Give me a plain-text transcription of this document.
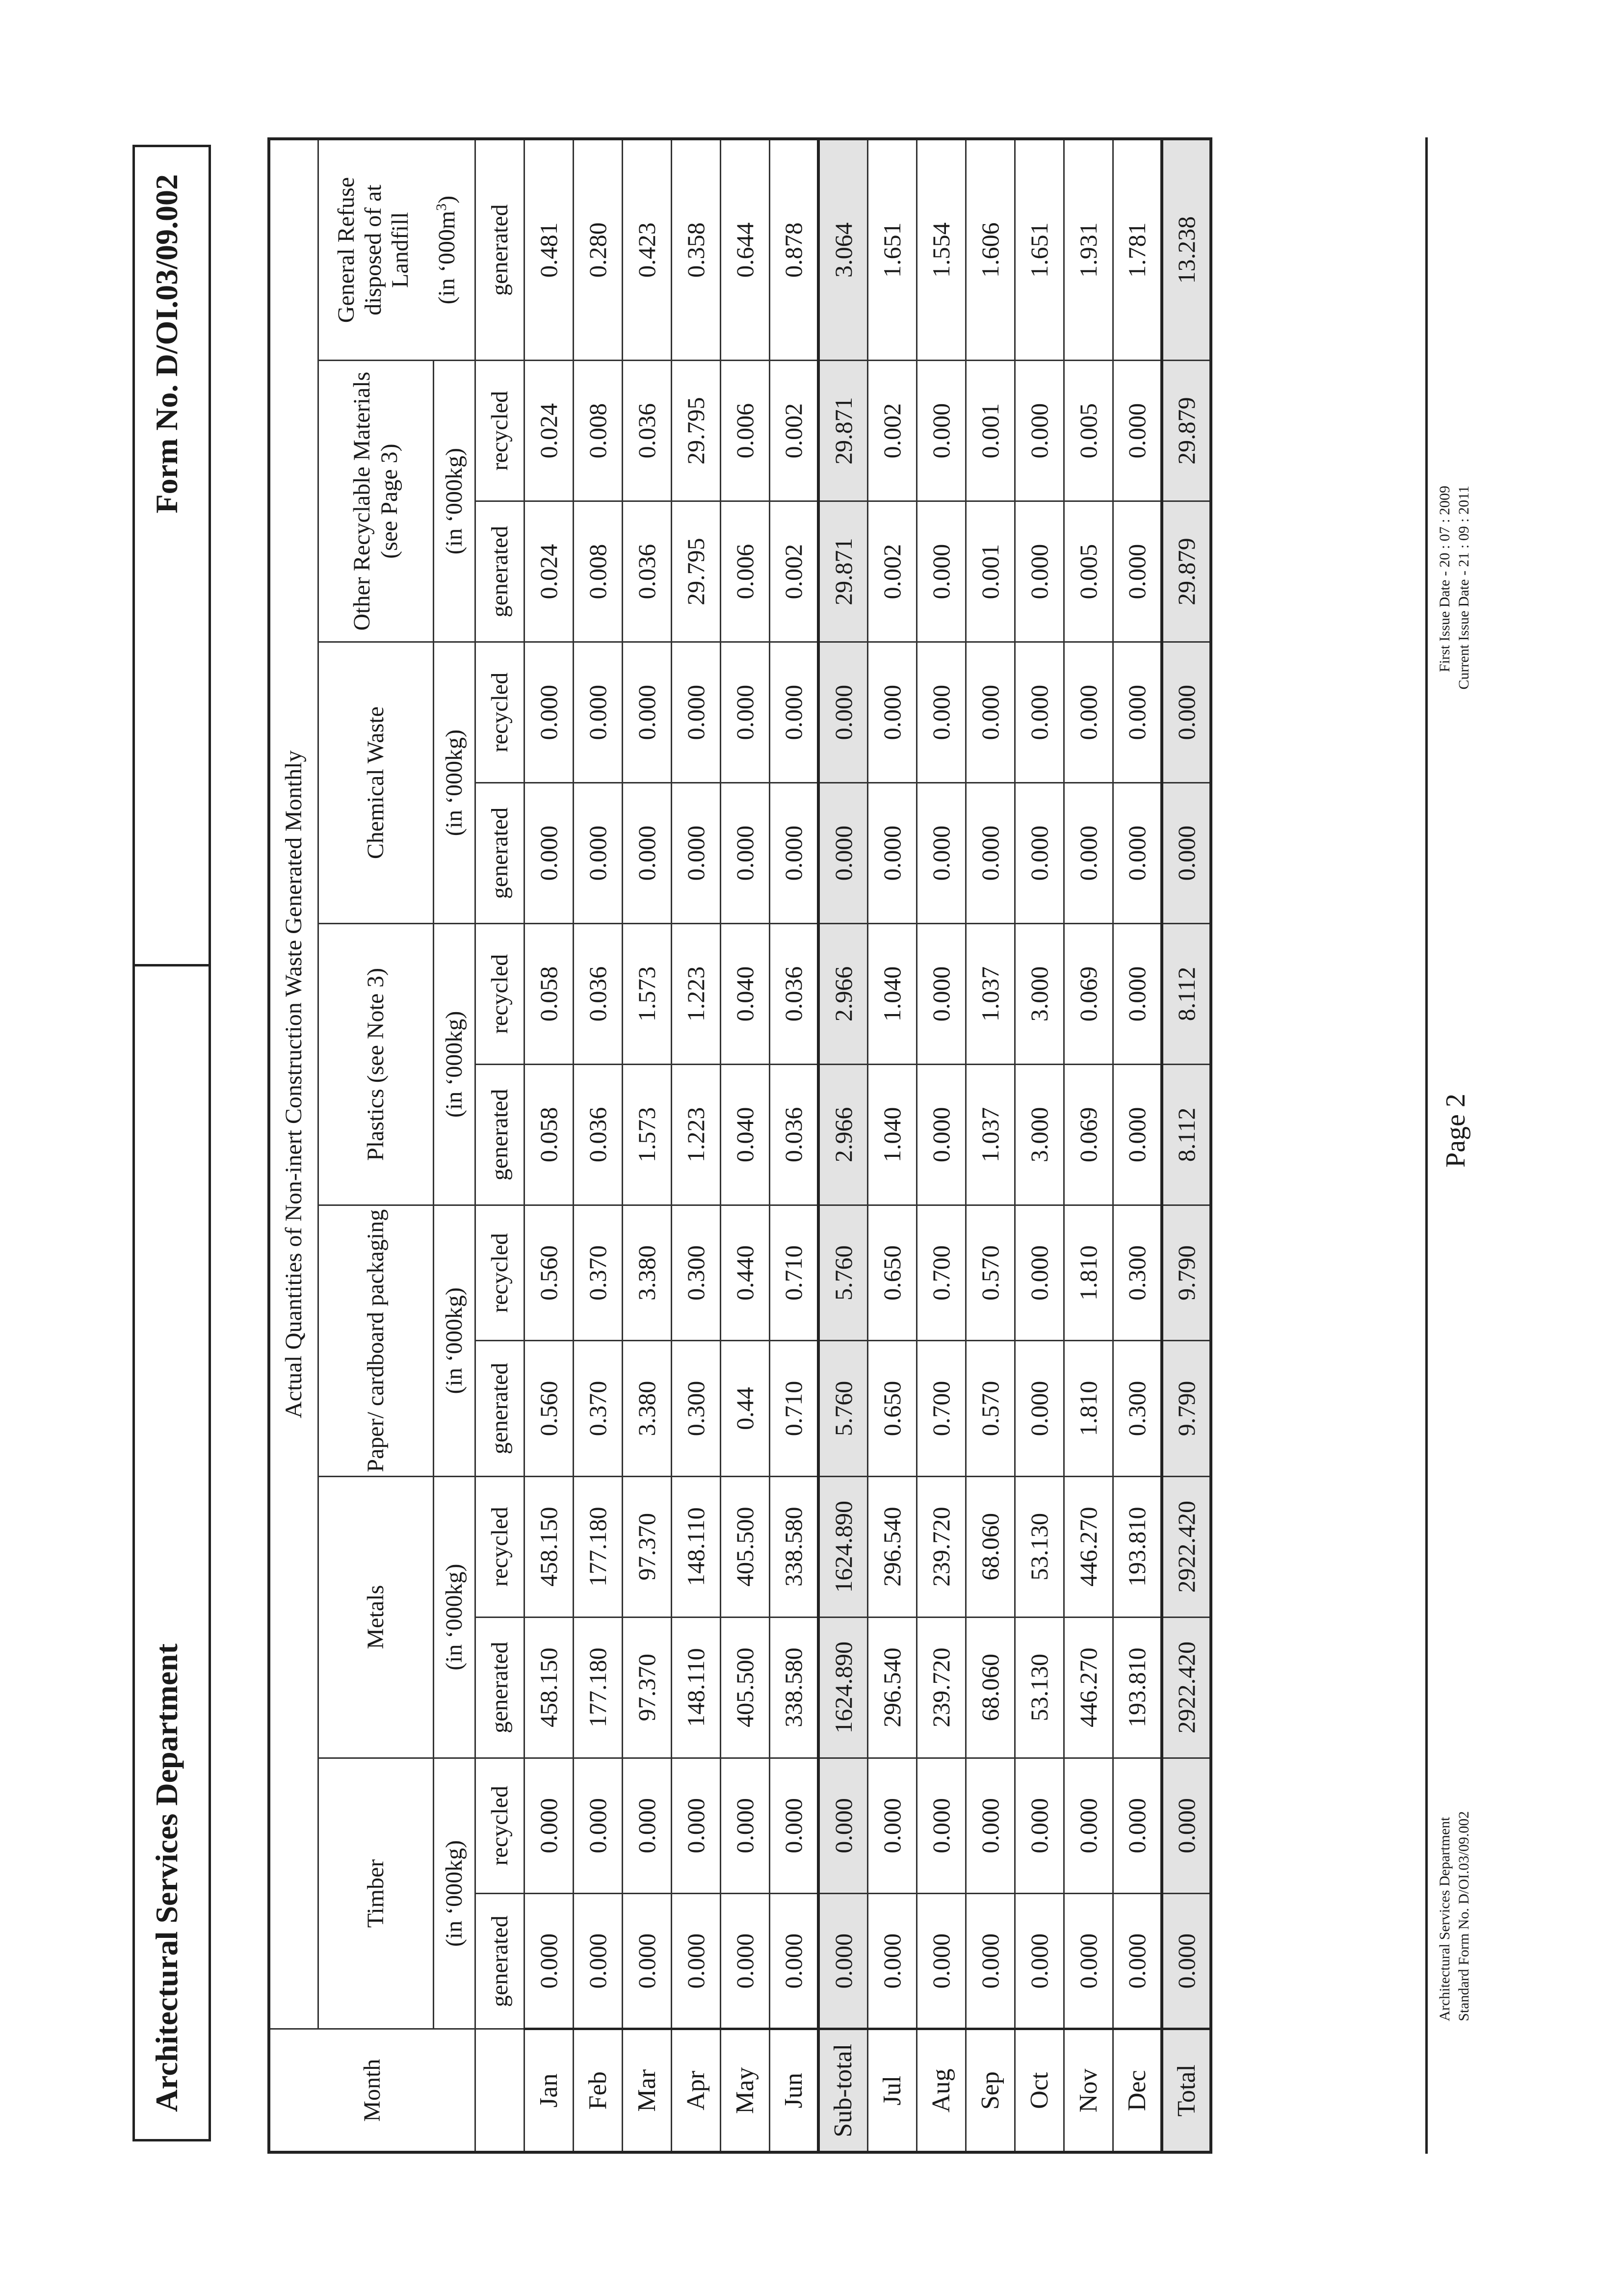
Architectural Services Department
Form No. D/OI.03/09.002
Month	Actual Quantities of Non-inert Construction Waste Generated Monthly												
	Timber		Metals		Paper/ cardboard packaging		Plastics (see Note 3)		Chemical Waste		Other Recyclable Materials (see Page 3)		General Refuse disposed of at Landfill (in ‘$000m^3$)

	(in ‘000kg)		(in ‘000kg)		(in ‘000kg)		(in ‘000kg)		(in ‘000kg)		(in ‘000kg)		
	generated	recycled	generated	recycled	generated	recycled	generated	recycled	generated	recycled	generated	recycled	generated
Jan	0.000	0.000	458.150	458.150	0.560	0.560	0.058	0.058	0.000	0.000	0.024	0.024	0.481
Feb	0.000	0.000	177.180	177.180	0.370	0.370	0.036	0.036	0.000	0.000	0.008	0.008	0.280
Mar	0.000	0.000	97.370	97.370	3.380	3.380	1.573	1.573	0.000	0.000	0.036	0.036	0.423
Apr	0.000	0.000	148.110	148.110	0.300	0.300	1.223	1.223	0.000	0.000	29.795	29.795	0.358
May	0.000	0.000	405.500	405.500	0.44	0.440	0.040	0.040	0.000	0.000	0.006	0.006	0.644
Jun	0.000	0.000	338.580	338.580	0.710	0.710	0.036	0.036	0.000	0.000	0.002	0.002	0.878
Sub-total	0.000	0.000	1624.890	1624.890	5.760	5.760	2.966	2.966	0.000	0.000	29.871	29.871	3.064
Jul	0.000	0.000	296.540	296.540	0.650	0.650	1.040	1.040	0.000	0.000	0.002	0.002	1.651
Aug	0.000	0.000	239.720	239.720	0.700	0.700	0.000	0.000	0.000	0.000	0.000	0.000	1.554
Sep	0.000	0.000	68.060	68.060	0.570	0.570	1.037	1.037	0.000	0.000	0.001	0.001	1.606
Oct	0.000	0.000	53.130	53.130	0.000	0.000	3.000	3.000	0.000	0.000	0.000	0.000	1.651
Nov	0.000	0.000	446.270	446.270	1.810	1.810	0.069	0.069	0.000	0.000	0.005	0.005	1.931
Dec	0.000	0.000	193.810	193.810	0.300	0.300	0.000	0.000	0.000	0.000	0.000	0.000	1.781
Total	0.000	0.000	2922.420	2922.420	9.790	9.790	8.112	8.112	0.000	0.000	29.879	29.879	13.238
Architectural Services Department Standard Form No. D/OI.03/09.002
Page 2
First Issue Date - 20 : 07 : 2009 Current Issue Date - 21 : 09 : 2011
